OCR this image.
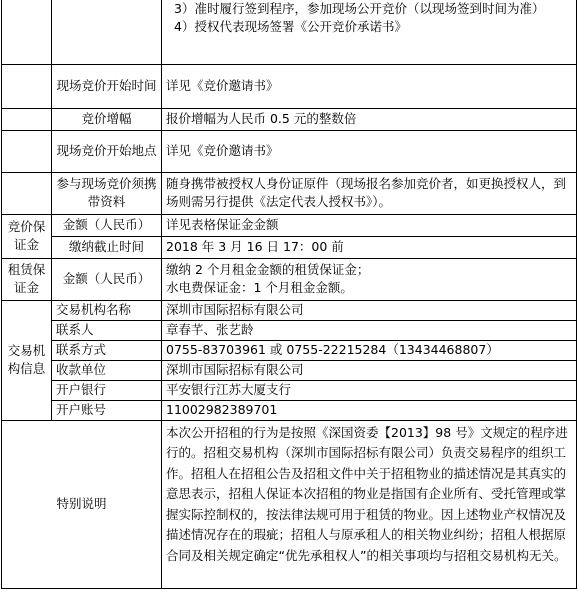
		3）准时履行签到程序，参加现场公开竞价（以现场签到时间为准）

4）授权代表现场签署《公开竞价承诺书》

	现场竞价开始时间	详见《竞价邀请书》
	竞价增幅	报价增幅为人民币 0.5 元的整数倍
	现场竞价开始地点	详见《竞价邀请书》
	参与现场竞价须携带资料	随身携带被授权人身份证原件（现场报名参加竞价者，如更换授权人，到场则需另行提供《法定代表人授权书》）。
竞价保证金	金额（人民币）	详见表格保证金金额
	缴纳截止时间	2018 年 3 月 16 日 17：00 前
租赁保证金	金额（人民币）	缴纳 2 个月租金金额的租赁保证金；

水电费保证金：1 个月租金金额。

交易机构信息	交易机构名称	深圳市国际招标有限公司
	联系人	章春芊、张艺龄
	联系方式	0755-83703961 或 0755-22215284（13434468807）
	收款单位	深圳市国际招标有限公司
	开户银行	平安银行江苏大厦支行
	开户账号	11002982389701
特别说明		本次公开招租的行为是按照《深国资委【2013】98 号》文规定的程序进行的。招租交易机构（深圳市国际招标有限公司）负责交易程序的组织工作。招租人在招租公告及招租文件中关于招租物业的描述情况是其真实的意思表示，招租人保证本次招租的物业是指国有企业所有、受托管理或掌握实际控制权的，按法律法规可用于租赁的物业。因上述物业产权情况及描述情况存在的瑕疵；招租人与原承租人的相关物业纠纷；招租人根据原合同及相关规定确定“优先承租权人”的相关事项均与招租交易机构无关。
